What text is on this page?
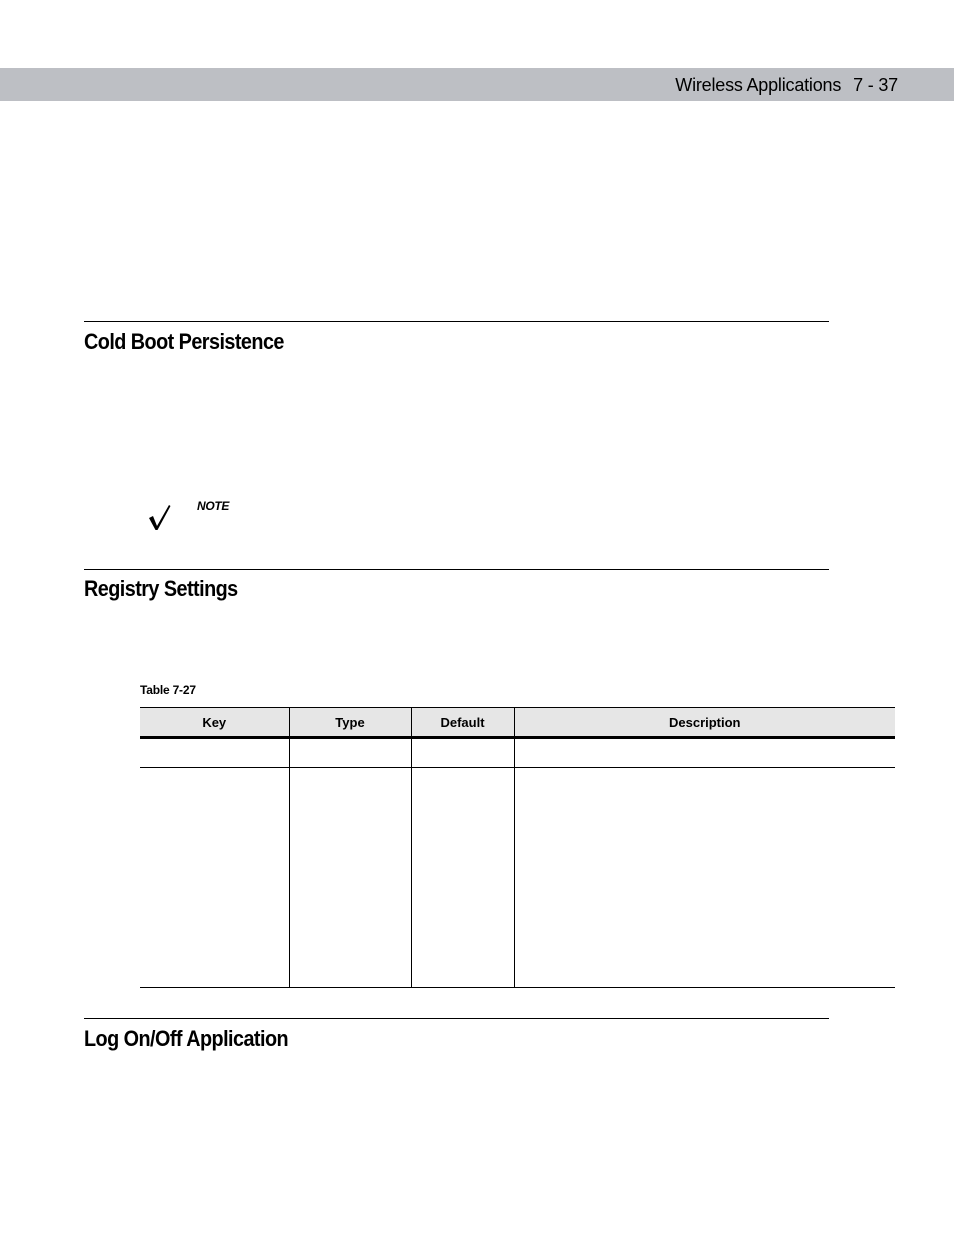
Wireless Applications 7 - 37
Cold Boot Persistence
NOTE
Registry Settings
Table 7-27
Key	Type	Default	Description

Log On/Off Application
